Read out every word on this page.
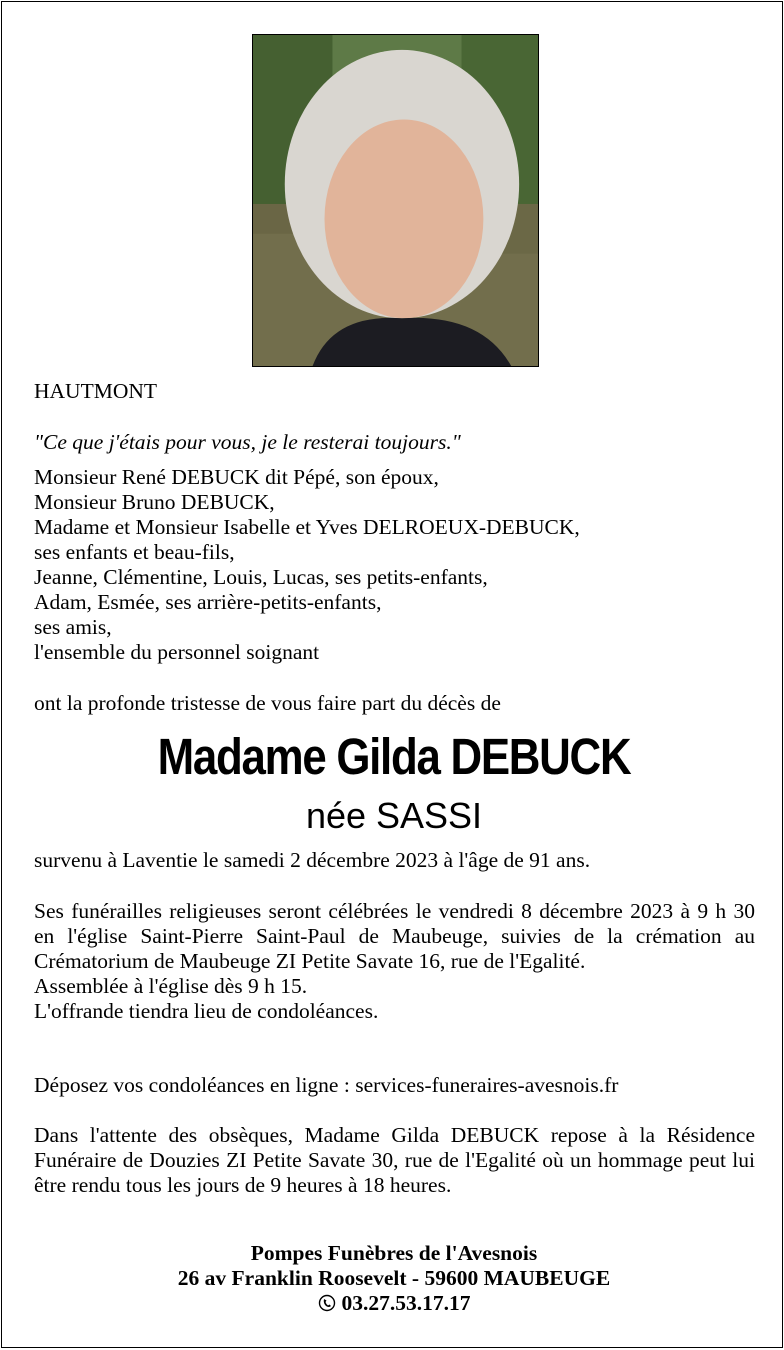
HAUTMONT
"Ce que j'étais pour vous, je le resterai toujours."
Monsieur René DEBUCK dit Pépé, son époux,
Monsieur Bruno DEBUCK,
Madame et Monsieur Isabelle et Yves DELROEUX-DEBUCK,
ses enfants et beau-fils,
Jeanne, Clémentine, Louis, Lucas, ses petits-enfants,
Adam, Esmée, ses arrière-petits-enfants,
ses amis,
l'ensemble du personnel soignant
ont la profonde tristesse de vous faire part du décès de
Madame Gilda DEBUCK
née SASSI
survenu à Laventie le samedi 2 décembre 2023 à l'âge de 91 ans.

Ses funérailles religieuses seront célébrées le vendredi 8 décembre 2023 à 9 h 30 en l'église Saint-Pierre Saint-Paul de Maubeuge, suivies de la crémation au Crématorium de Maubeuge ZI Petite Savate 16, rue de l'Egalité.

Assemblée à l'église dès 9 h 15.

L'offrande tiendra lieu de condoléances.

Déposez vos condoléances en ligne : services-funeraires-avesnois.fr

Dans l'attente des obsèques, Madame Gilda DEBUCK repose à la Résidence Funéraire de Douzies ZI Petite Savate 30, rue de l'Egalité où un hommage peut lui être rendu tous les jours de 9 heures à 18 heures.

Pompes Funèbres de l'Avesnois
26 av Franklin Roosevelt - 59600 MAUBEUGE
03.27.53.17.17
